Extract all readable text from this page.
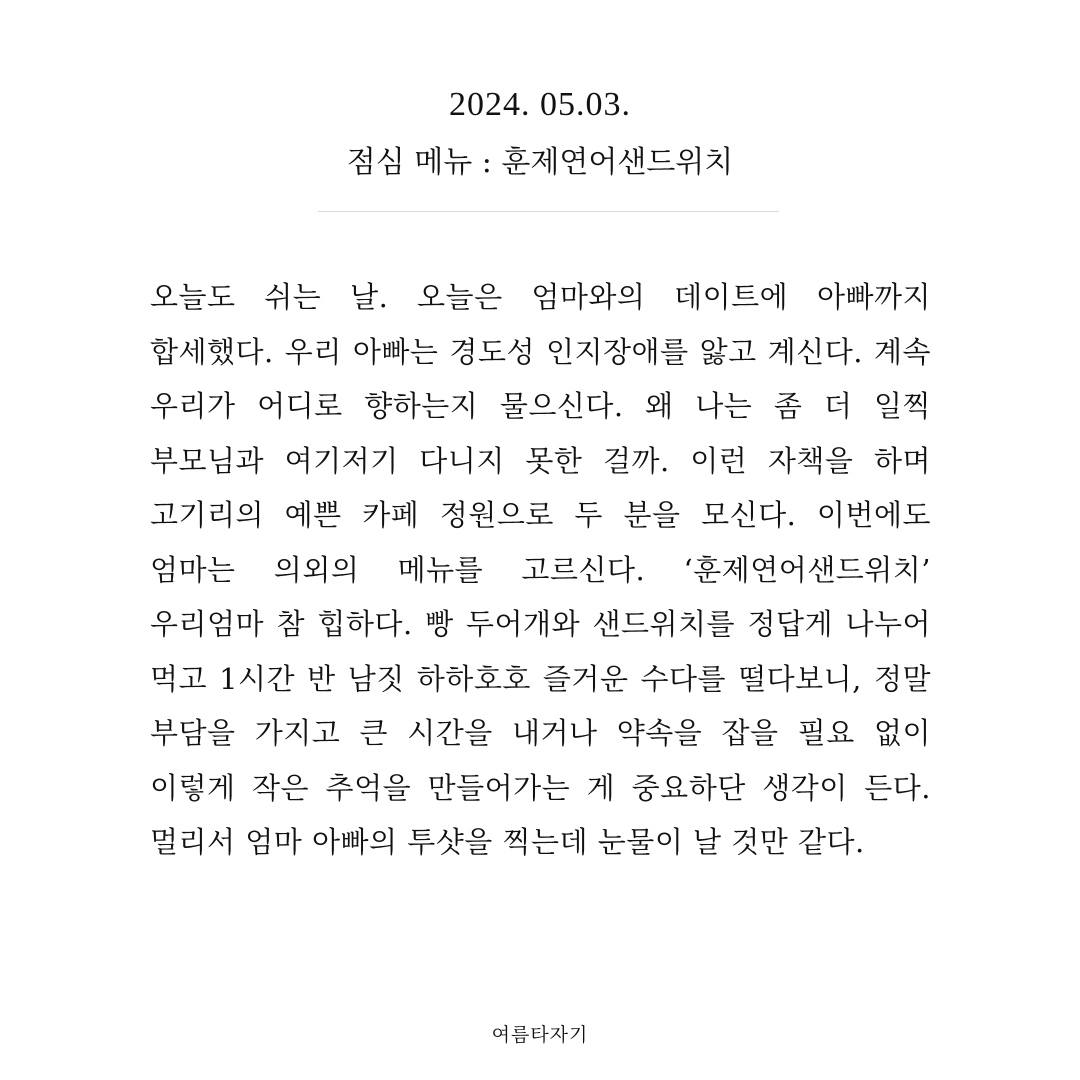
2024. 05.03.
점심 메뉴 : 훈제연어샌드위치

오늘도 쉬는 날. 오늘은 엄마와의 데이트에 아빠까지 합세했다. 우리 아빠는 경도성 인지장애를 앓고 계신다. 계속 우리가 어디로 향하는지 물으신다. 왜 나는 좀 더 일찍 부모님과 여기저기 다니지 못한 걸까. 이런 자책을 하며 고기리의 예쁜 카페 정원으로 두 분을 모신다. 이번에도 엄마는 의외의 메뉴를 고르신다. ‘훈제연어샌드위치’ 우리엄마 참 힙하다. 빵 두어개와 샌드위치를 정답게 나누어 먹고 1시간 반 남짓 하하호호 즐거운 수다를 떨다보니, 정말 부담을 가지고 큰 시간을 내거나 약속을 잡을 필요 없이 이렇게 작은 추억을 만들어가는 게 중요하단 생각이 든다. 멀리서 엄마 아빠의 투샷을 찍는데 눈물이 날 것만 같다.

여름타자기
